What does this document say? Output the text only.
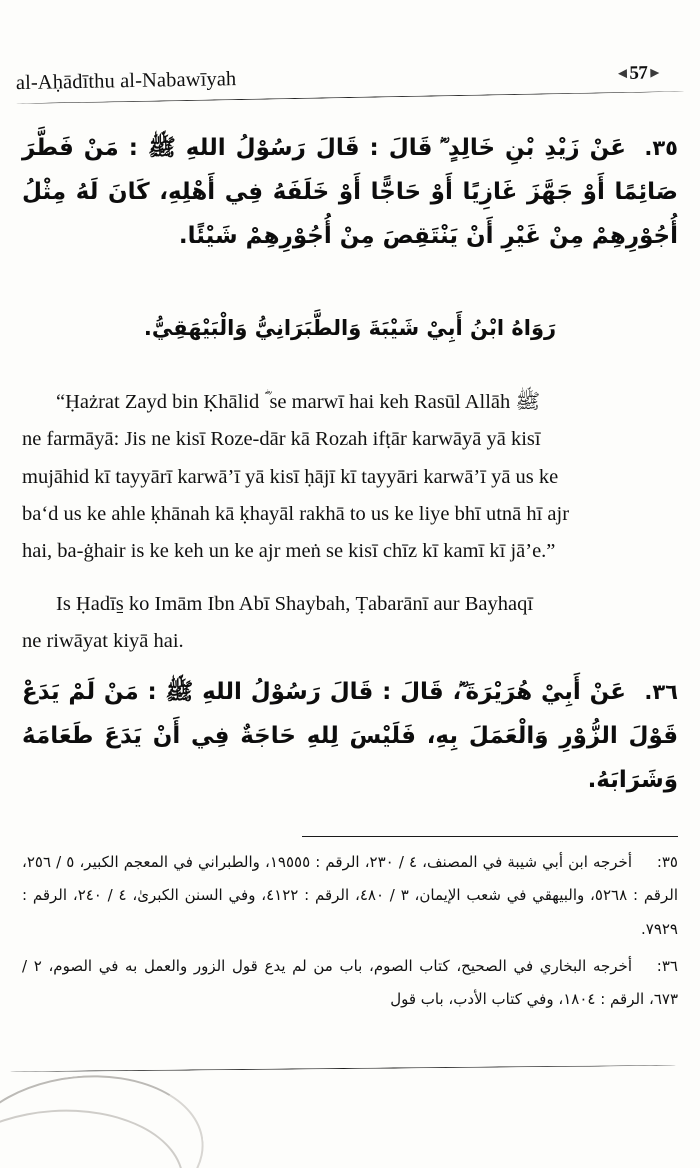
al-Aḥādīthu al-Nabawīyah	◄57►
٣٥.عَنْ زَيْدِ بْنِ خَالِدٍ ؓ قَالَ : قَالَ رَسُوْلُ اللهِ ﷺ : مَنْ فَطَّرَ صَائِمًا أَوْ جَهَّزَ غَازِيًا أَوْ حَاجًّا أَوْ خَلَفَهُ فِي أَهْلِهِ، كَانَ لَهُ مِثْلُ أُجُوْرِهِمْ مِنْ غَيْرِ أَنْ يَنْتَقِصَ مِنْ أُجُوْرِهِمْ شَيْئًا.
رَوَاهُ ابْنُ أَبِيْ شَيْبَةَ وَالطَّبَرَانِيُّ وَالْبَيْهَقِيُّ.

“Ḥażrat Zayd bin Ḳhālid ؓ se marwī hai keh Rasūl Allāh ﷺ

ne farmāyā: Jis ne kisī Roze-dār kā Rozah ifṭār karwāyā yā kisī

mujāhid kī tayyārī karwā’ī yā kisī ḥājī kī tayyāri karwā’ī yā us ke

ba‘d us ke ahle ḳhānah kā ḳhayāl rakhā to us ke liye bhī utnā hī ajr

hai, ba-ġhair is ke keh un ke ajr meṅ se kisī chīz kī kamī kī jā’e.”

Is Ḥadīs̱ ko Imām Ibn Abī Shaybah, Ṭabarānī aur Bayhaqī

ne riwāyat kiyā hai.

٣٦.عَنْ أَبِيْ هُرَيْرَةَ ؓ، قَالَ : قَالَ رَسُوْلُ اللهِ ﷺ : مَنْ لَمْ يَدَعْ قَوْلَ الزُّوْرِ وَالْعَمَلَ بِهِ، فَلَيْسَ لِلهِ حَاجَةٌ فِي أَنْ يَدَعَ طَعَامَهُ وَشَرَابَهُ.
٣٥:أخرجه ابن أبي شيبة في المصنف، ٤ / ٢٣٠، الرقم : ١٩٥٥٥، والطبراني في المعجم الكبير، ٥ / ٢٥٦، الرقم : ٥٢٦٨، والبيهقي في شعب الإيمان، ٣ / ٤٨٠، الرقم : ٤١٢٢، وفي السنن الكبرىٰ، ٤ / ٢٤٠، الرقم : ٧٩٢٩.
٣٦:أخرجه البخاري في الصحيح، كتاب الصوم، باب من لم يدع قول الزور والعمل به في الصوم، ٢ / ٦٧٣، الرقم : ١٨٠٤، وفي كتاب الأدب، باب قول
